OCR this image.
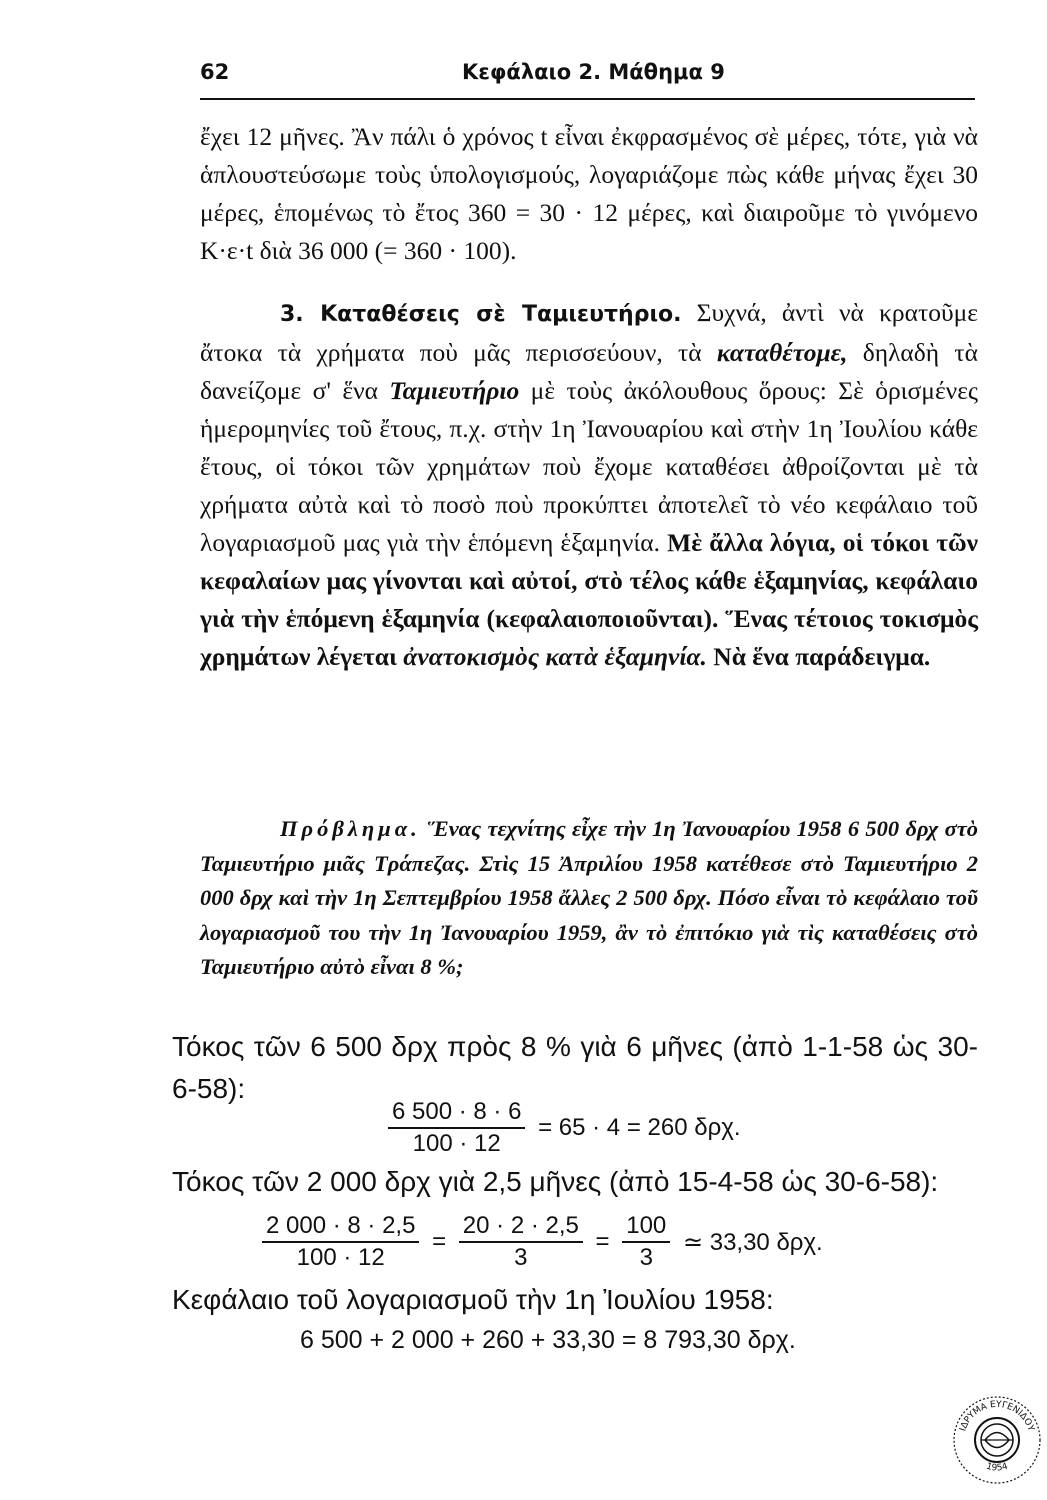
62	Κεφάλαιο 2. Μάθημα 9

ἔχει 12 μῆνες. Ἂν πάλι ὁ χρόνος t εἶναι ἐκφρασμένος σὲ μέρες, τότε, γιὰ νὰ ἁπλουστεύσωμε τοὺς ὑπολογισμούς, λογαριάζομε πὼς κάθε μήνας ἔχει 30 μέρες, ἑπομένως τὸ ἔτος 360 = 30 · 12 μέρες, καὶ διαιροῦμε τὸ γινόμενο K·ε·t διὰ 36 000 (= 360 · 100).

3. Καταθέσεις σὲ Ταμιευτήριο. Συχνά, ἀντὶ νὰ κρατοῦμε ἄτοκα τὰ χρήματα ποὺ μᾶς περισσεύουν, τὰ καταθέτομε, δηλαδὴ τὰ δανείζομε σ' ἕνα Ταμιευτήριο μὲ τοὺς ἀκόλουθους ὅρους: Σὲ ὁρισμένες ἡμερομηνίες τοῦ ἔτους, π.χ. στὴν 1η Ἰανουαρίου καὶ στὴν 1η Ἰουλίου κάθε ἔτους, οἱ τόκοι τῶν χρημάτων ποὺ ἔχομε καταθέσει ἀθροίζονται μὲ τὰ χρήματα αὐτὰ καὶ τὸ ποσὸ ποὺ προκύπτει ἀποτελεῖ τὸ νέο κεφάλαιο τοῦ λογαριασμοῦ μας γιὰ τὴν ἑπόμενη ἑξαμηνία. Μὲ ἄλλα λόγια, οἱ τόκοι τῶν κεφαλαίων μας γίνονται καὶ αὐτοί, στὸ τέλος κάθε ἑξαμηνίας, κεφάλαιο γιὰ τὴν ἑπόμενη ἑξαμηνία (κεφαλαιοποιοῦνται). Ἕνας τέτοιος τοκισμὸς χρημάτων λέγεται ἀνατοκισμὸς κατὰ ἑξαμηνία. Νὰ ἕνα παράδειγμα.

Πρόβλημα. Ἕνας τεχνίτης εἶχε τὴν 1η Ἰανουαρίου 1958 6 500 δρχ στὸ Ταμιευτήριο μιᾶς Τράπεζας. Στὶς 15 Ἀπριλίου 1958 κατέθεσε στὸ Ταμιευτήριο 2 000 δρχ καὶ τὴν 1η Σεπτεμβρίου 1958 ἄλλες 2 500 δρχ. Πόσο εἶναι τὸ κεφάλαιο τοῦ λογαριασμοῦ του τὴν 1η Ἰανουαρίου 1959, ἂν τὸ ἐπιτόκιο γιὰ τὶς καταθέσεις στὸ Ταμιευτήριο αὐτὸ εἶναι 8 %;

Τόκος τῶν 6 500 δρχ πρὸς 8 % γιὰ 6 μῆνες (ἀπὸ 1-1-58 ὡς 30-6-58):

$\frac{6 500 \cdot 8 \cdot 6}{100 \cdot 12} = 65 \cdot 4 = 260$ δρχ.
Τόκος τῶν 2 000 δρχ γιὰ 2,5 μῆνες (ἀπὸ 15-4-58 ὡς 30-6-58):
$\frac{2 000 \cdot 8 \cdot 2,5}{100 \cdot 12} = \frac{20 \cdot 2 \cdot 2,5}{3} = \frac{100}{3}$ ≃ 33,30 δρχ.
Κεφάλαιο τοῦ λογαριασμοῦ τὴν 1η Ἰουλίου 1958:
6 500 + 2 000 + 260 + 33,30 = 8 793,30 δρχ.
ΙΔΡΥΜΑ ΕΥΓΕΝΙΔΟΥ
1954
